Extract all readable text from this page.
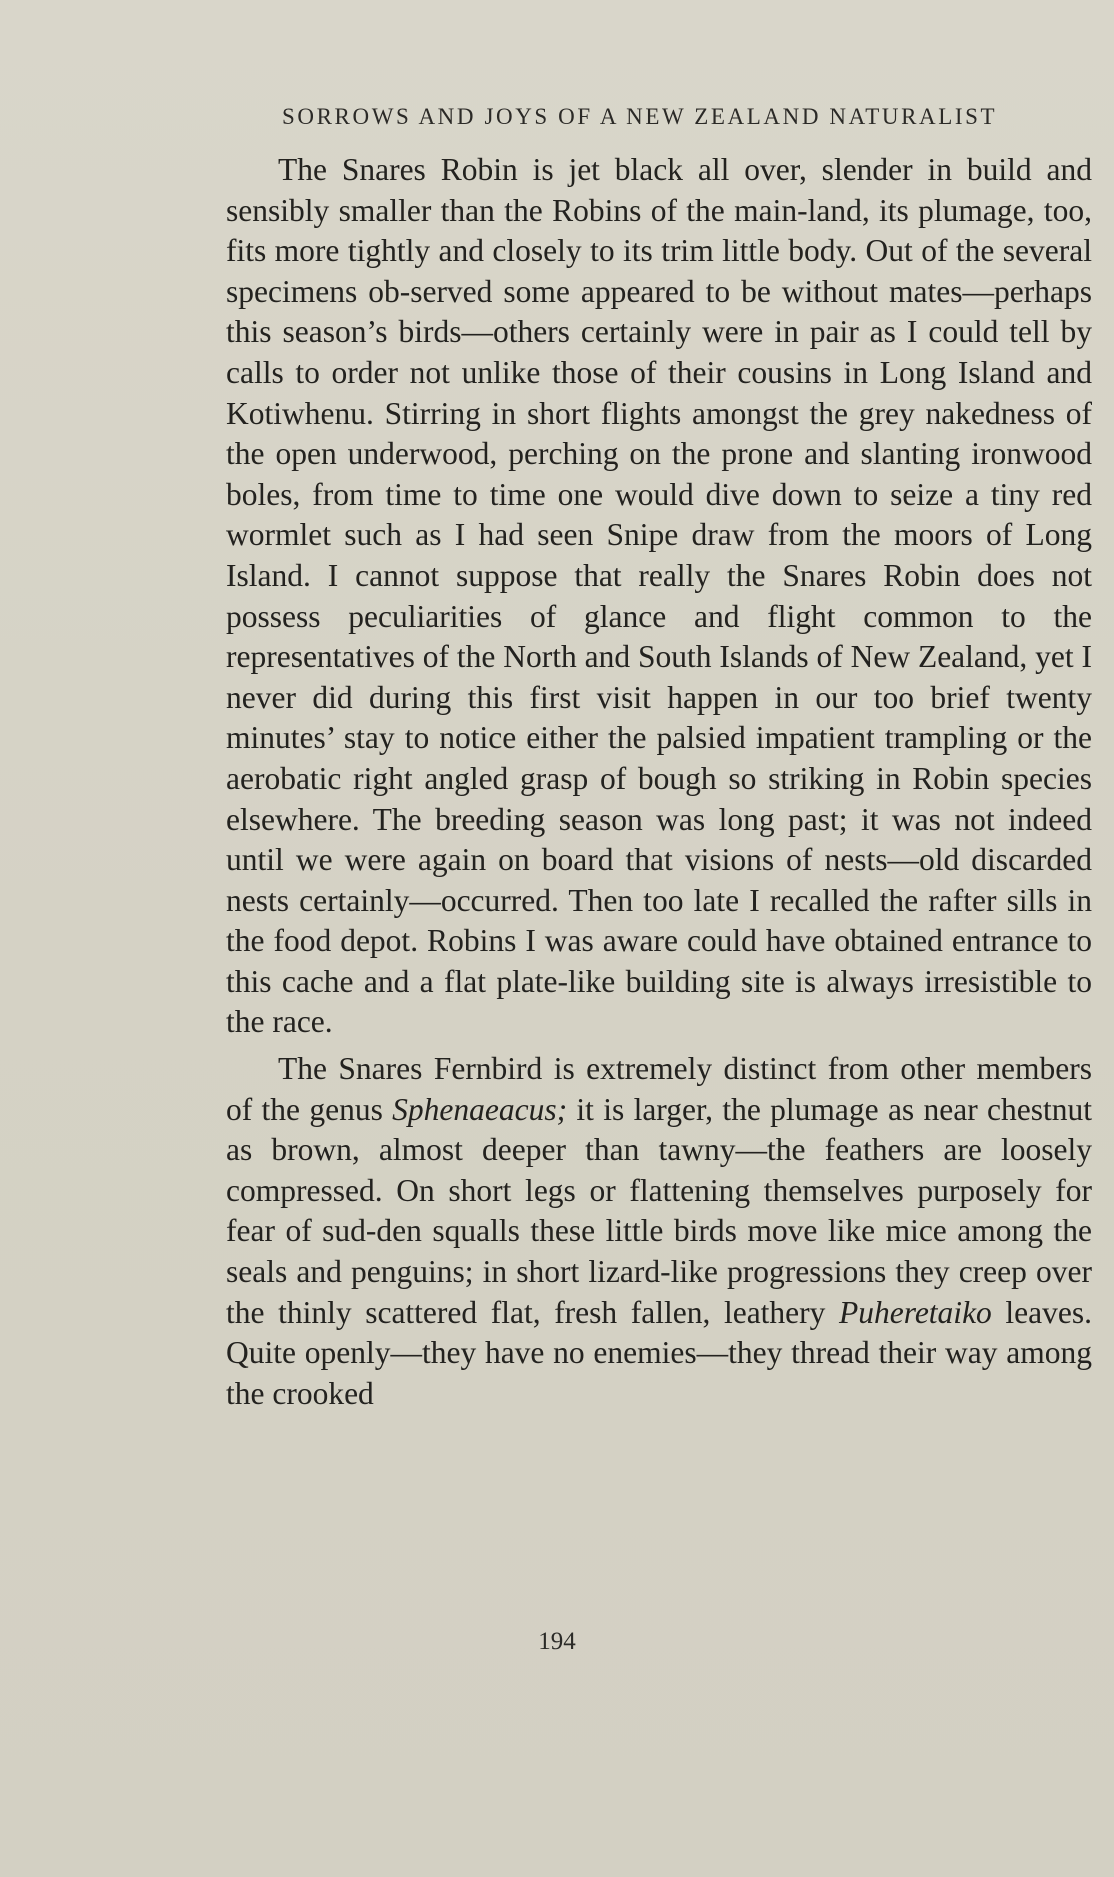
SORROWS AND JOYS OF A NEW ZEALAND NATURALIST

The Snares Robin is jet black all over, slender in build and sensibly smaller than the Robins of the main-land, its plumage, too, fits more tightly and closely to its trim little body. Out of the several specimens ob-served some appeared to be without mates—perhaps this season’s birds—others certainly were in pair as I could tell by calls to order not unlike those of their cousins in Long Island and Kotiwhenu. Stirring in short flights amongst the grey nakedness of the open underwood, perching on the prone and slanting ironwood boles, from time to time one would dive down to seize a tiny red wormlet such as I had seen Snipe draw from the moors of Long Island. I cannot suppose that really the Snares Robin does not possess peculiarities of glance and flight common to the representatives of the North and South Islands of New Zealand, yet I never did during this first visit happen in our too brief twenty minutes’ stay to notice either the palsied impatient trampling or the aerobatic right angled grasp of bough so striking in Robin species elsewhere. The breeding season was long past; it was not indeed until we were again on board that visions of nests—old discarded nests certainly—occurred. Then too late I recalled the rafter sills in the food depot. Robins I was aware could have obtained entrance to this cache and a flat plate-like building site is always irresistible to the race.

The Snares Fernbird is extremely distinct from other members of the genus Sphenaeacus; it is larger, the plumage as near chestnut as brown, almost deeper than tawny—the feathers are loosely compressed. On short legs or flattening themselves purposely for fear of sud-den squalls these little birds move like mice among the seals and penguins; in short lizard-like progressions they creep over the thinly scattered flat, fresh fallen, leathery Puheretaiko leaves. Quite openly—they have no enemies—they thread their way among the crooked

194
